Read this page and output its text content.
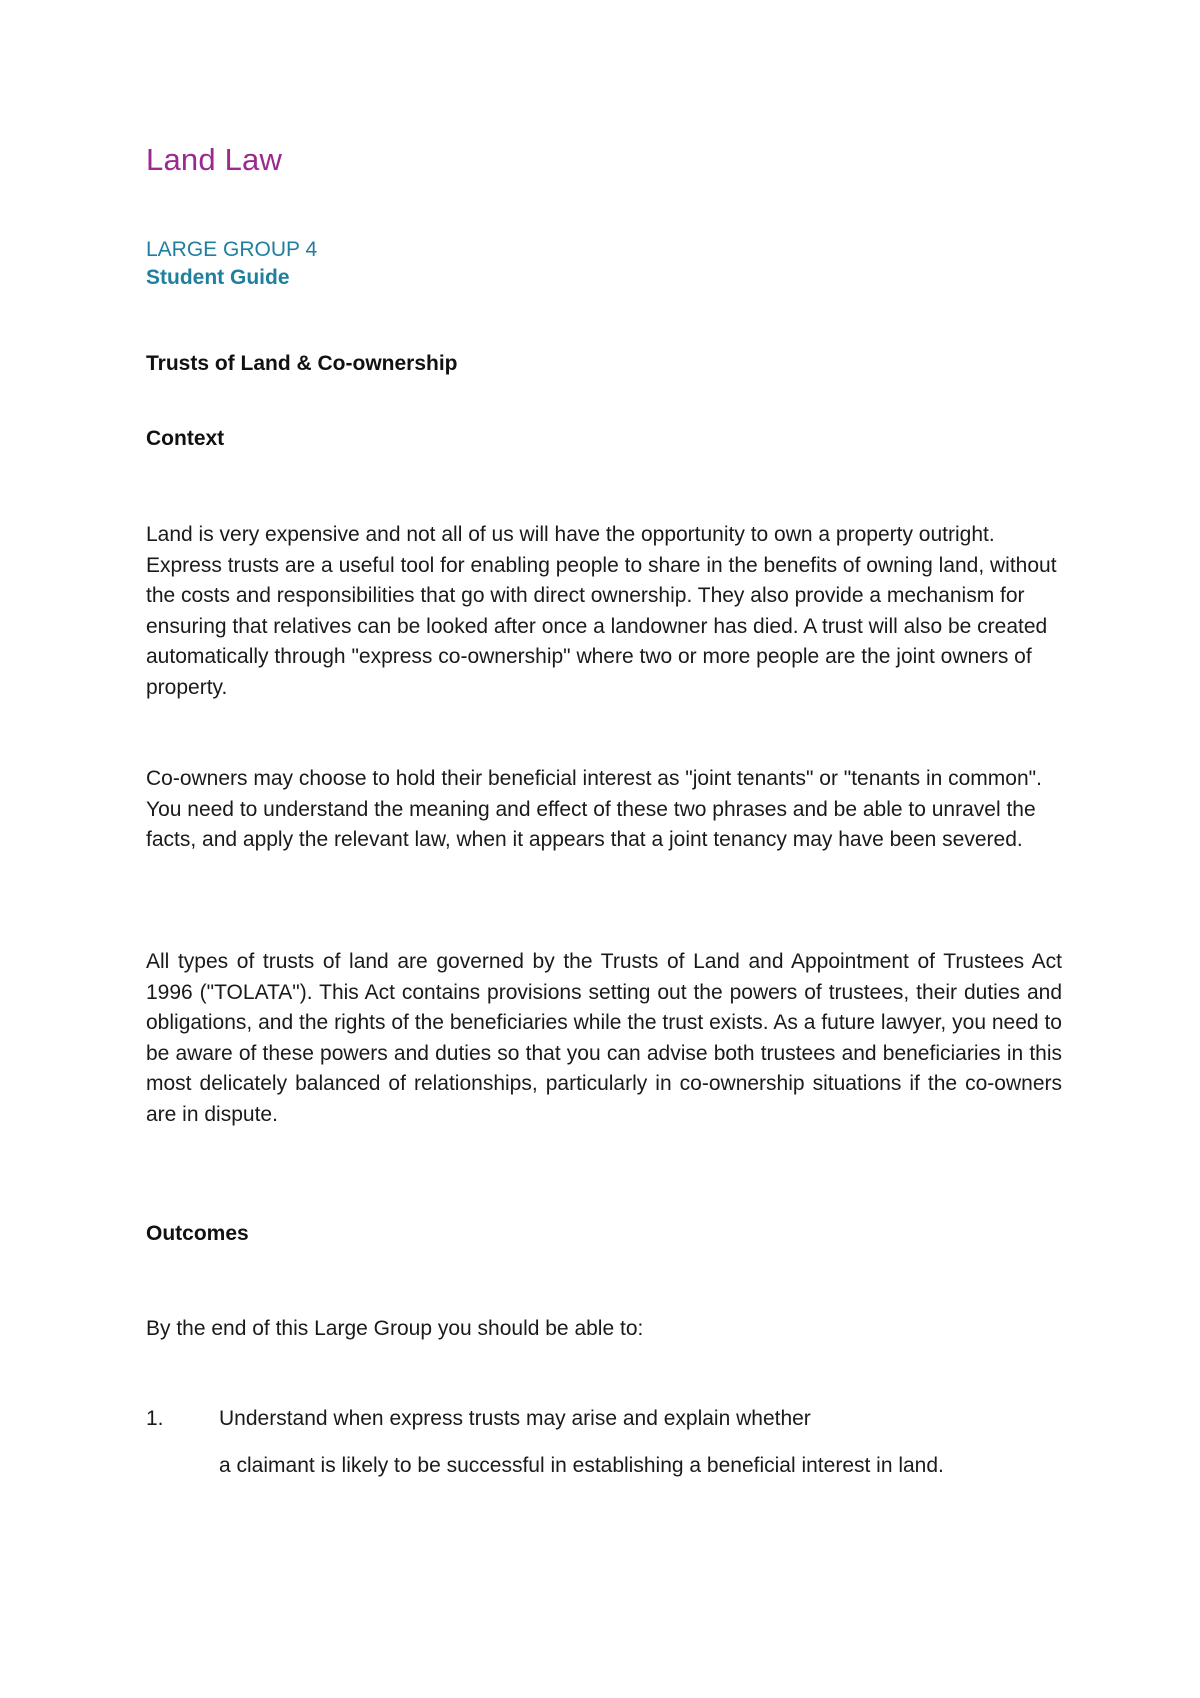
Land Law
LARGE GROUP 4
Student Guide
Trusts of Land & Co-ownership
Context

Land is very expensive and not all of us will have the opportunity to own a property outright. Express trusts are a useful tool for enabling people to share in the benefits of owning land, without the costs and responsibilities that go with direct ownership. They also provide a mechanism for ensuring that relatives can be looked after once a landowner has died. A trust will also be created automatically through "express co-ownership" where two or more people are the joint owners of property.

Co-owners may choose to hold their beneficial interest as "joint tenants" or "tenants in common". You need to understand the meaning and effect of these two phrases and be able to unravel the facts, and apply the relevant law, when it appears that a joint tenancy may have been severed.

All types of trusts of land are governed by the Trusts of Land and Appointment of Trustees Act 1996 ("TOLATA"). This Act contains provisions setting out the powers of trustees, their duties and obligations, and the rights of the beneficiaries while the trust exists. As a future lawyer, you need to be aware of these powers and duties so that you can advise both trustees and beneficiaries in this most delicately balanced of relationships, particularly in co-ownership situations if the co-owners are in dispute.

Outcomes

By the end of this Large Group you should be able to:

1.	Understand when express trusts may arise and explain whether
a claimant is likely to be successful in establishing a beneficial interest in land.
